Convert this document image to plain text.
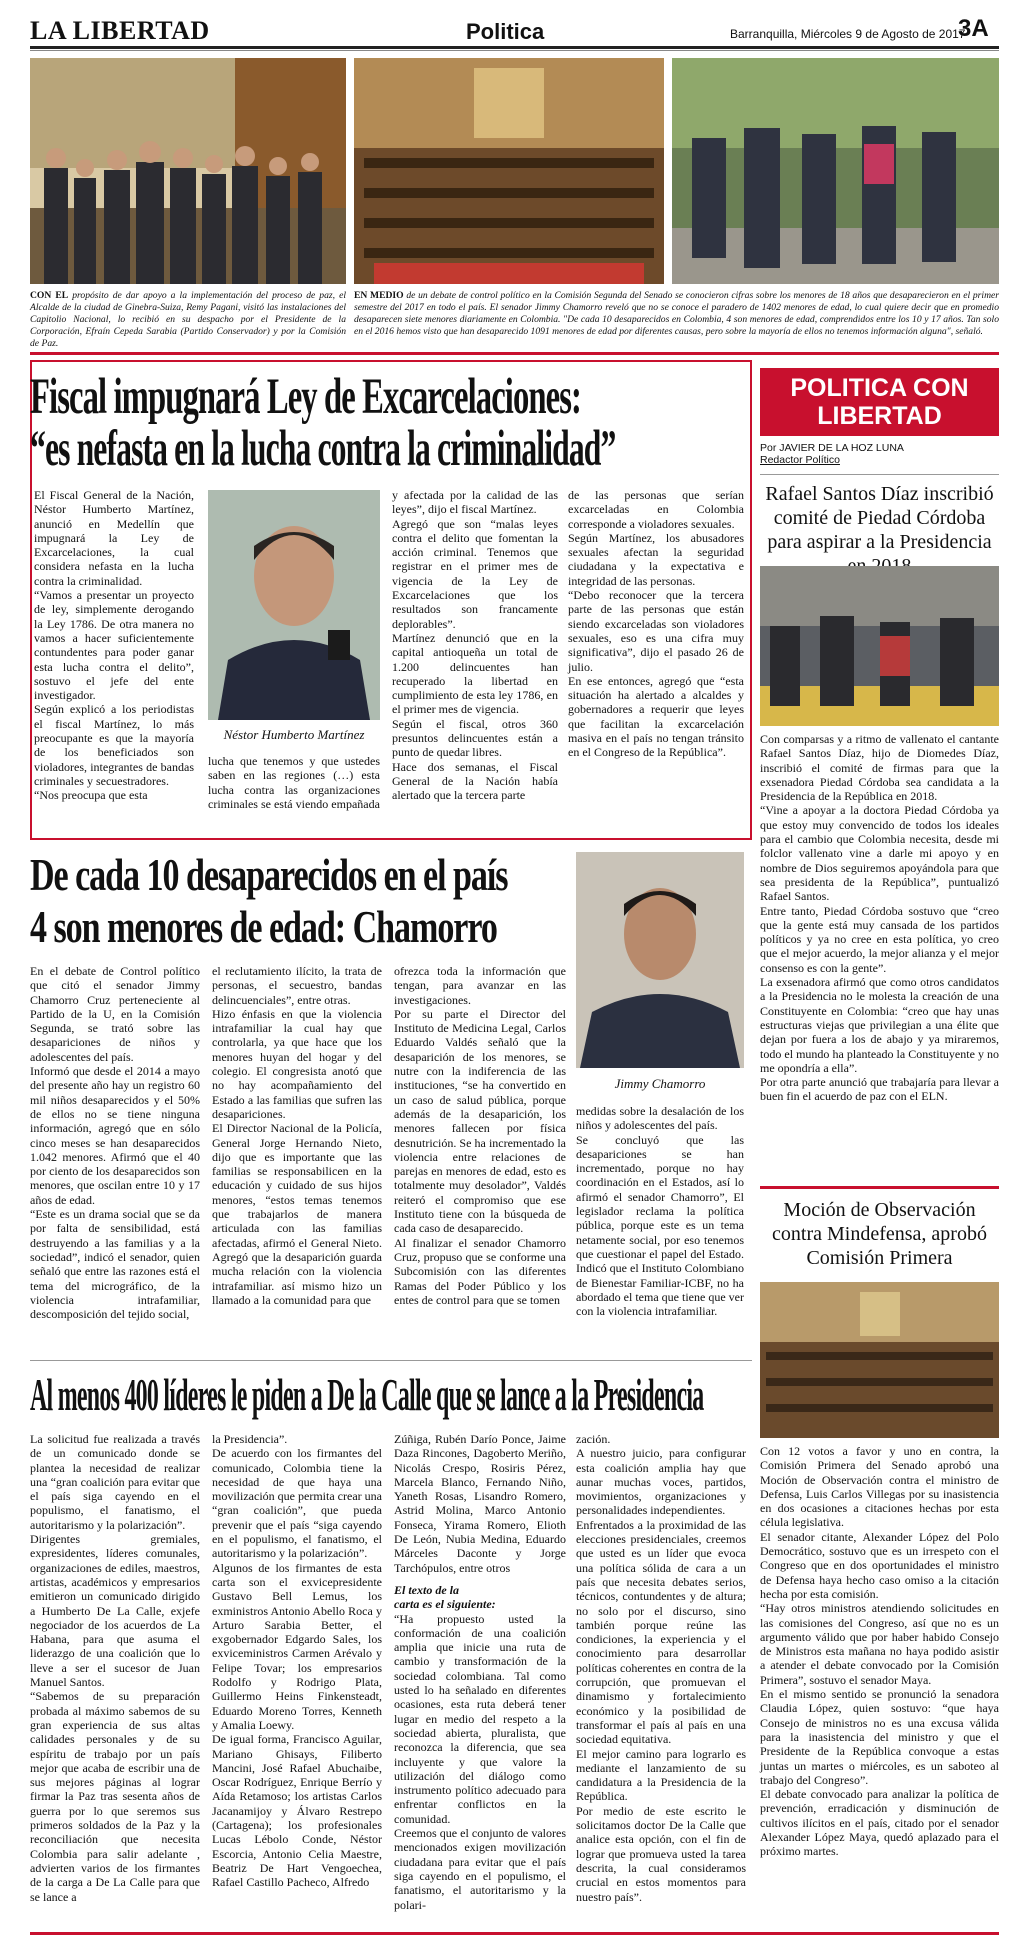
LA LIBERTAD	Politica	Barranquilla, Miércoles 9 de Agosto de 2017
3A
CON EL propósito de dar apoyo a la implementación del proceso de paz, el Alcalde de la ciudad de Ginebra-Suiza, Remy Pagani, visitó las instalaciones del Capitolio Nacional, lo recibió en su despacho por el Presidente de la Corporación, Efraín Cepeda Sarabia (Partido Conservador) y por la Comisión de Paz.
EN MEDIO de un debate de control político en la Comisión Segunda del Senado se conocieron cifras sobre los menores de 18 años que desaparecieron en el primer semestre del 2017 en todo el país. El senador Jimmy Chamorro reveló que no se conoce el paradero de 1402 menores de edad, lo cual quiere decir que en promedio desaparecen siete menores diariamente en Colombia. "De cada 10 desaparecidos en Colombia, 4 son menores de edad, comprendidos entre los 10 y 17 años. Tan solo en el 2016 hemos visto que han desaparecido 1091 menores de edad por diferentes causas, pero sobre la mayoría de ellos no tenemos información alguna", señaló.
Fiscal impugnará Ley de Excarcelaciones:
“es nefasta en la lucha contra la criminalidad”
El Fiscal General de la Nación, Néstor Humberto Martínez, anunció en Medellín que impugnará la Ley de Excarcelaciones, la cual considera nefasta en la lucha contra la criminalidad.
“Vamos a presentar un proyecto de ley, simplemente derogando la Ley 1786. De otra manera no vamos a hacer suficientemente contundentes para poder ganar esta lucha contra el delito”, sostuvo el jefe del ente investigador.
Según explicó a los periodistas el fiscal Martínez, lo más preocupante es que la mayoría de los beneficiados son violadores, integrantes de bandas criminales y secuestradores.
“Nos preocupa que esta
Néstor Humberto Martínez
lucha que tenemos y que ustedes saben en las regiones (…) esta lucha contra las organizaciones criminales se está viendo empañada
y afectada por la calidad de las leyes”, dijo el fiscal Martínez.
Agregó que son “malas leyes contra el delito que fomentan la acción criminal. Tenemos que registrar en el primer mes de vigencia de la Ley de Excarcelaciones que los resultados son francamente deplorables”.
Martínez denunció que en la capital antioqueña un total de 1.200 delincuentes han recuperado la libertad en cumplimiento de esta ley 1786, en el primer mes de vigencia.
Según el fiscal, otros 360 presuntos delincuentes están a punto de quedar libres.
Hace dos semanas, el Fiscal General de la Nación había alertado que la tercera parte
de las personas que serían excarceladas en Colombia corresponde a violadores sexuales.
Según Martínez, los abusadores sexuales afectan la seguridad ciudadana y la expectativa e integridad de las personas.
“Debo reconocer que la tercera parte de las personas que están siendo excarceladas son violadores sexuales, eso es una cifra muy significativa”, dijo el pasado 26 de julio.
En ese entonces, agregó que “esta situación ha alertado a alcaldes y gobernadores a requerir que leyes que facilitan la excarcelación masiva en el país no tengan tránsito en el Congreso de la República”.
POLITICA CON
LIBERTAD
Por JAVIER DE LA HOZ LUNA
Redactor Político
Rafael Santos Díaz inscribió comité de Piedad Córdoba para aspirar a la Presidencia
Con comparsas y a ritmo de vallenato el cantante Rafael Santos Díaz, hijo de Diomedes Díaz, inscribió el comité de firmas para que la exsenadora Piedad Córdoba sea candidata a la Presidencia de la República en 2018.
“Vine a apoyar a la doctora Piedad Córdoba ya que estoy muy convencido de todos los ideales para el cambio que Colombia necesita, desde mi folclor vallenato vine a darle mi apoyo y en nombre de Dios seguiremos apoyándola para que sea presidenta de la República”, puntualizó Rafael Santos.
Entre tanto, Piedad Córdoba sostuvo que “creo que la gente está muy cansada de los partidos políticos y ya no cree en esta política, yo creo que el mejor acuerdo, la mejor alianza y el mejor consenso es con la gente”.
La exsenadora afirmó que como otros candidatos a la Presidencia no le molesta la creación de una Constituyente en Colombia: “creo que hay unas estructuras viejas que privilegian a una élite que dejan por fuera a los de abajo y ya miraremos, todo el mundo ha planteado la Constituyente y no me opondría a ella”.
Por otra parte anunció que trabajaría para llevar a buen fin el acuerdo de paz con el ELN.
Moción de Observación contra Mindefensa, aprobó Comisión Primera
Con 12 votos a favor y uno en contra, la Comisión Primera del Senado aprobó una Moción de Observación contra el ministro de Defensa, Luis Carlos Villegas por su inasistencia en dos ocasiones a citaciones hechas por esta célula legislativa.
El senador citante, Alexander López del Polo Democrático, sostuvo que es un irrespeto con el Congreso que en dos oportunidades el ministro de Defensa haya hecho caso omiso a la citación hecha por esta comisión.
“Hay otros ministros atendiendo solicitudes en las comisiones del Congreso, así que no es un argumento válido que por haber habido Consejo de Ministros esta mañana no haya podido asistir a atender el debate convocado por la Comisión Primera”, sostuvo el senador Maya.
En el mismo sentido se pronunció la senadora Claudia López, quien sostuvo: “que haya Consejo de ministros no es una excusa válida para la inasistencia del ministro y que el Presidente de la República convoque a estas juntas un martes o miércoles, es un saboteo al trabajo del Congreso”.
El debate convocado para analizar la política de prevención, erradicación y disminución de cultivos ilícitos en el país, citado por el senador Alexander López Maya, quedó aplazado para el próximo martes.
De cada 10 desaparecidos en el país
4 son menores de edad: Chamorro
Jimmy Chamorro
En el debate de Control político que citó el senador Jimmy Chamorro Cruz perteneciente al Partido de la U, en la Comisión Segunda, se trató sobre las desapariciones de niños y adolescentes del país.
Informó que desde el 2014 a mayo del presente año hay un registro 60 mil niños desaparecidos y el 50% de ellos no se tiene ninguna información, agregó que en sólo cinco meses se han desaparecidos 1.042 menores. Afirmó que el 40 por ciento de los desaparecidos son menores, que oscilan entre 10 y 17 años de edad.
“Este es un drama social que se da por falta de sensibilidad, está destruyendo a las familias y a la sociedad”, indicó el senador, quien señaló que entre las razones está el tema del micrográfico, de la violencia intrafamiliar, descomposición del tejido social,
el reclutamiento ilícito, la trata de personas, el secuestro, bandas delincuenciales”, entre otras.
Hizo énfasis en que la violencia intrafamiliar la cual hay que controlarla, ya que hace que los menores huyan del hogar y del colegio. El congresista anotó que no hay acompañamiento del Estado a las familias que sufren las desapariciones.
El Director Nacional de la Policía, General Jorge Hernando Nieto, dijo que es importante que las familias se responsabilicen en la educación y cuidado de sus hijos menores, “estos temas tenemos que trabajarlos de manera articulada con las familias afectadas, afirmó el General Nieto. Agregó que la desaparición guarda mucha relación con la violencia intrafamiliar. así mismo hizo un llamado a la comunidad para que
ofrezca toda la información que tengan, para avanzar en las investigaciones.
Por su parte el Director del Instituto de Medicina Legal, Carlos Eduardo Valdés señaló que la desaparición de los menores, se nutre con la indiferencia de las instituciones, “se ha convertido en un caso de salud pública, porque además de la desaparición, los menores fallecen por física desnutrición. Se ha incrementado la violencia entre relaciones de parejas en menores de edad, esto es totalmente muy desolador”, Valdés reiteró el compromiso que ese Instituto tiene con la búsqueda de cada caso de desaparecido.
Al finalizar el senador Chamorro Cruz, propuso que se conforme una Subcomisión con las diferentes Ramas del Poder Público y los entes de control para que se tomen
medidas sobre la desalación de los niños y adolescentes del país.
Se concluyó que las desapariciones se han incrementado, porque no hay coordinación en el Estados, así lo afirmó el senador Chamorro”, El legislador reclama la política pública, porque este es un tema netamente social, por eso tenemos que cuestionar el papel del Estado. Indicó que el Instituto Colombiano de Bienestar Familiar-ICBF, no ha abordado el tema que tiene que ver con la violencia intrafamiliar.
Al menos 400 líderes le piden a De la Calle que se lance a la Presidencia
La solicitud fue realizada a través de un comunicado donde se plantea la necesidad de realizar una “gran coalición para evitar que el país siga cayendo en el populismo, el fanatismo, el autoritarismo y la polarización”.
Dirigentes gremiales, expresidentes, líderes comunales, organizaciones de ediles, maestros, artistas, académicos y empresarios emitieron un comunicado dirigido a Humberto De La Calle, exjefe negociador de los acuerdos de La Habana, para que asuma el liderazgo de una coalición que lo lleve a ser el sucesor de Juan Manuel Santos.
“Sabemos de su preparación probada al máximo sabemos de su gran experiencia de sus altas calidades personales y de su espíritu de trabajo por un país mejor que acaba de escribir una de sus mejores páginas al lograr firmar la Paz tras sesenta años de guerra por lo que seremos sus primeros soldados de la Paz y la reconciliación que necesita Colombia para salir adelante , advierten varios de los firmantes de la carga a De La Calle para que se lance a
la Presidencia”.
De acuerdo con los firmantes del comunicado, Colombia tiene la necesidad de que haya una movilización que permita crear una “gran coalición”, que pueda prevenir que el país “siga cayendo en el populismo, el fanatismo, el autoritarismo y la polarización”.
Algunos de los firmantes de esta carta son el exvicepresidente Gustavo Bell Lemus, los exministros Antonio Abello Roca y Arturo Sarabia Better, el exgobernador Edgardo Sales, los exviceministros Carmen Arévalo y Felipe Tovar; los empresarios Rodolfo y Rodrigo Plata, Guillermo Heins Finkensteadt, Eduardo Moreno Torres, Kenneth y Amalia Loewy.
De igual forma, Francisco Aguilar, Mariano Ghisays, Filiberto Mancini, José Rafael Abuchaibe, Oscar Rodríguez, Enrique Berrío y Aída Retamoso; los artistas Carlos Jacanamijoy y Álvaro Restrepo (Cartagena); los profesionales Lucas Lébolo Conde, Néstor Escorcia, Antonio Celia Maestre, Beatriz De Hart Vengoechea, Rafael Castillo Pacheco, Alfredo

Zúñiga, Rubén Darío Ponce, Jaime Daza Rincones, Dagoberto Meriño, Nicolás Crespo, Rosiris Pérez, Marcela Blanco, Fernando Niño, Yaneth Rosas, Lisandro Romero, Astrid Molina, Marco Antonio Fonseca, Yirama Romero, Elioth De León, Nubia Medina, Eduardo Márceles Daconte y Jorge Tarchópulos, entre otros

El texto de la

carta es el siguiente:

“Ha propuesto usted la conformación de una coalición amplia que inicie una ruta de cambio y transformación de la sociedad colombiana. Tal como usted lo ha señalado en diferentes ocasiones, esta ruta deberá tener lugar en medio del respeto a la sociedad abierta, pluralista, que reconozca la diferencia, que sea incluyente y que valore la utilización del diálogo como instrumento político adecuado para enfrentar conflictos en la comunidad.
Creemos que el conjunto de valores mencionados exigen movilización ciudadana para evitar que el país siga cayendo en el populismo, el fanatismo, el autoritarismo y la polari-

zación.
A nuestro juicio, para configurar esta coalición amplia hay que aunar muchas voces, partidos, movimientos, organizaciones y personalidades independientes.
Enfrentados a la proximidad de las elecciones presidenciales, creemos que usted es un líder que evoca una política sólida de cara a un país que necesita debates serios, técnicos, contundentes y de altura; no solo por el discurso, sino también porque reúne las condiciones, la experiencia y el conocimiento para desarrollar políticas coherentes en contra de la corrupción, que promuevan el dinamismo y fortalecimiento económico y la posibilidad de transformar el país al país en una sociedad equitativa.
El mejor camino para lograrlo es mediante el lanzamiento de su candidatura a la Presidencia de la República.
Por medio de este escrito le solicitamos doctor De la Calle que analice esta opción, con el fin de lograr que promueva usted la tarea descrita, la cual consideramos crucial en estos momentos para nuestro país”.
